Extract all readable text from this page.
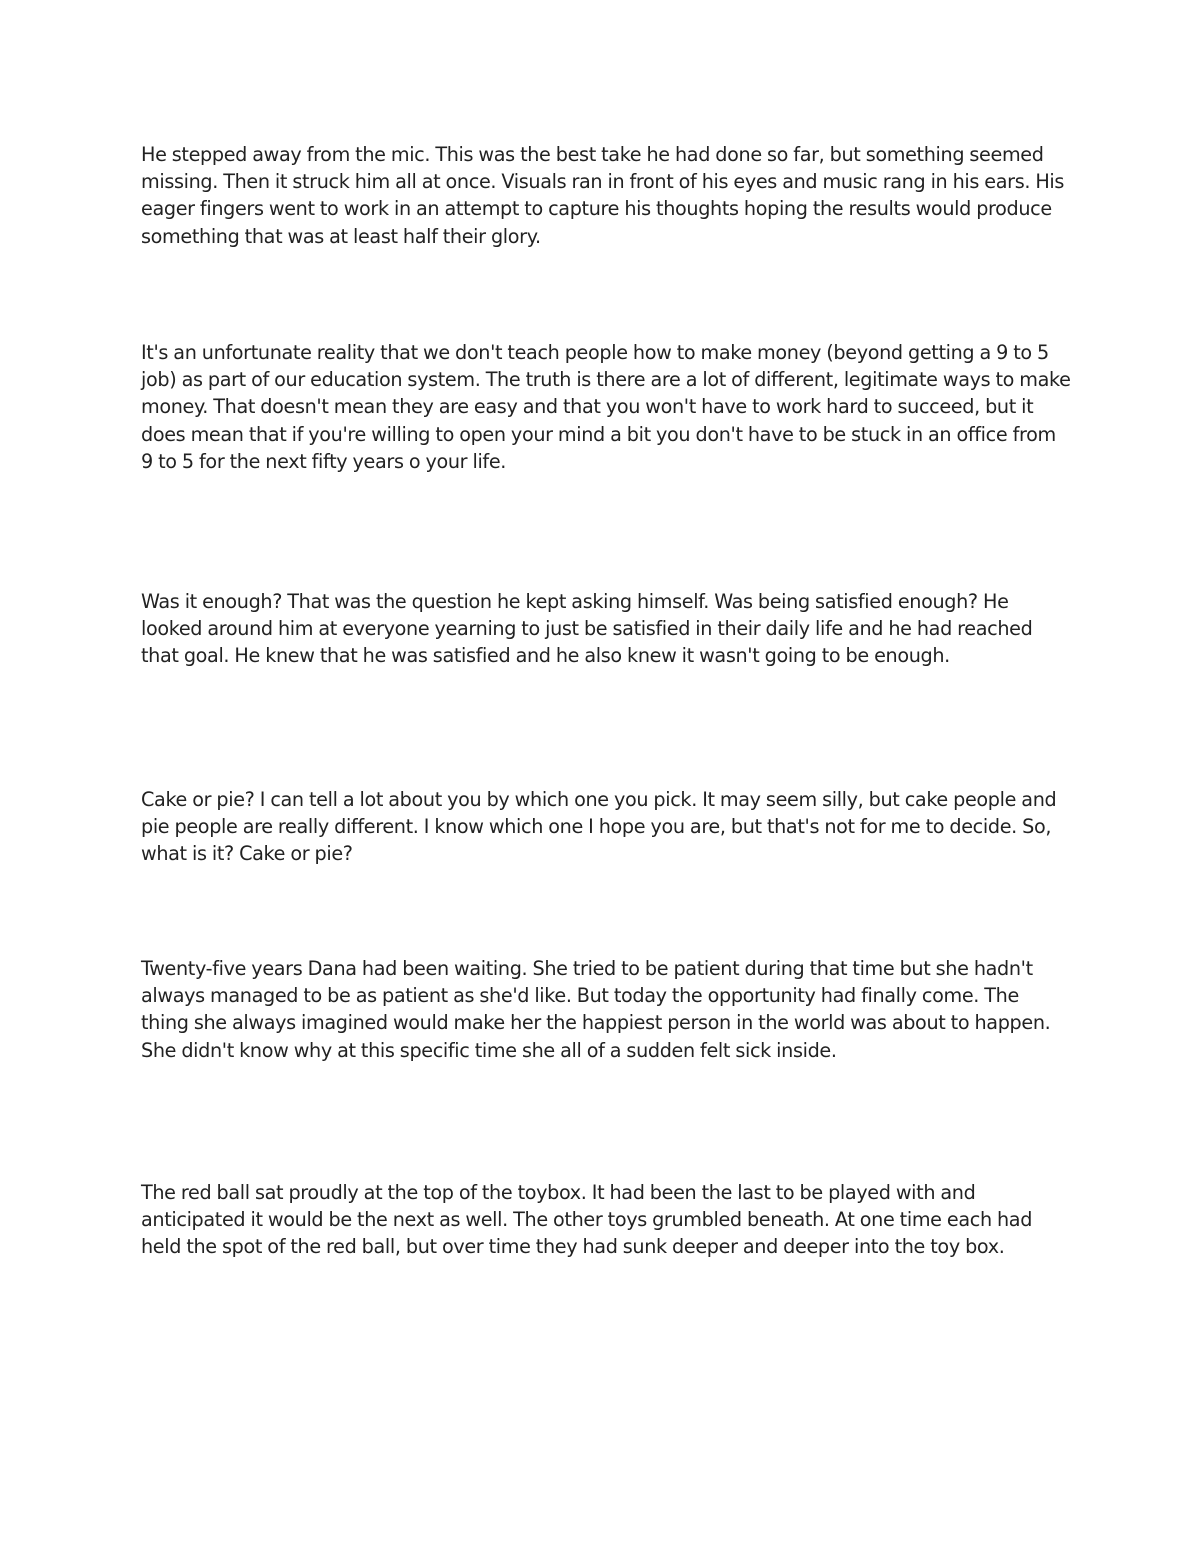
He stepped away from the mic. This was the best take he had done so far, but something seemed missing. Then it struck him all at once. Visuals ran in front of his eyes and music rang in his ears. His eager fingers went to work in an attempt to capture his thoughts hoping the results would produce something that was at least half their glory.

It's an unfortunate reality that we don't teach people how to make money (beyond getting a 9 to 5 job) as part of our education system. The truth is there are a lot of different, legitimate ways to make money. That doesn't mean they are easy and that you won't have to work hard to succeed, but it does mean that if you're willing to open your mind a bit you don't have to be stuck in an office from 9 to 5 for the next fifty years o your life.

Was it enough? That was the question he kept asking himself. Was being satisfied enough? He looked around him at everyone yearning to just be satisfied in their daily life and he had reached that goal. He knew that he was satisfied and he also knew it wasn't going to be enough.

Cake or pie? I can tell a lot about you by which one you pick. It may seem silly, but cake people and pie people are really different. I know which one I hope you are, but that's not for me to decide. So, what is it? Cake or pie?

Twenty-five years Dana had been waiting. She tried to be patient during that time but she hadn't always managed to be as patient as she'd like. But today the opportunity had finally come. The thing she always imagined would make her the happiest person in the world was about to happen. She didn't know why at this specific time she all of a sudden felt sick inside.

The red ball sat proudly at the top of the toybox. It had been the last to be played with and anticipated it would be the next as well. The other toys grumbled beneath. At one time each had held the spot of the red ball, but over time they had sunk deeper and deeper into the toy box.
